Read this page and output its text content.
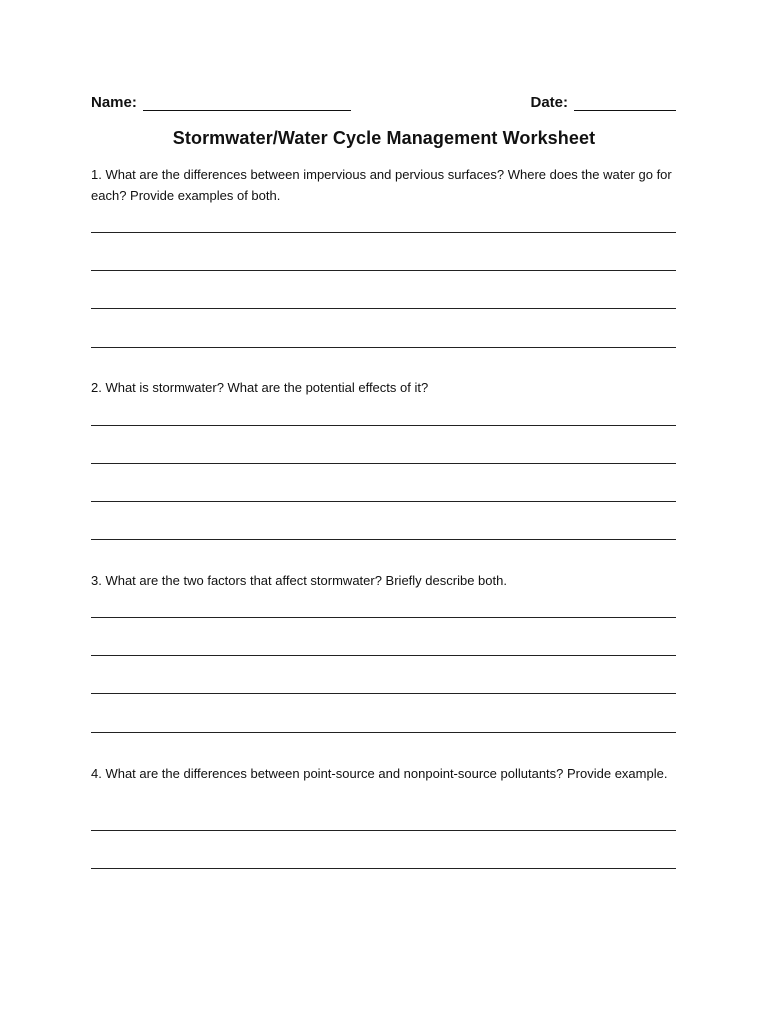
Name:	Date:
Stormwater/Water Cycle Management Worksheet
1. What are the differences between impervious and pervious surfaces? Where does the water go for each? Provide examples of both.
2. What is stormwater? What are the potential effects of it?
3. What are the two factors that affect stormwater? Briefly describe both.
4. What are the differences between point-source and nonpoint-source pollutants? Provide example.
